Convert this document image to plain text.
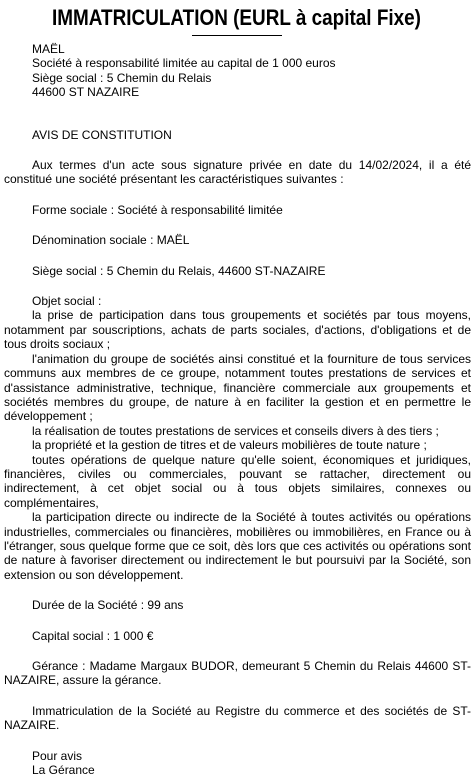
IMMATRICULATION (EURL à capital Fixe)

MAËL

Société à responsabilité limitée au capital de 1 000 euros

Siège social : 5 Chemin du Relais

44600 ST NAZAIRE

AVIS DE CONSTITUTION

Aux termes d'un acte sous signature privée en date du 14/02/2024, il a été constitué une société présentant les caractéristiques suivantes :

Forme sociale : Société à responsabilité limitée

Dénomination sociale : MAËL

Siège social : 5 Chemin du Relais, 44600 ST-NAZAIRE

Objet social :

la prise de participation dans tous groupements et sociétés par tous moyens, notamment par souscriptions, achats de parts sociales, d'actions, d'obligations et de tous droits sociaux ;

l'animation du groupe de sociétés ainsi constitué et la fourniture de tous services communs aux membres de ce groupe, notamment toutes prestations de services et d'assistance administrative, technique, financière commerciale aux groupements et sociétés membres du groupe, de nature à en faciliter la gestion et en permettre le développement ;

la réalisation de toutes prestations de services et conseils divers à des tiers ;

la propriété et la gestion de titres et de valeurs mobilières de toute nature ;

toutes opérations de quelque nature qu'elle soient, économiques et juridiques, financières, civiles ou commerciales, pouvant se rattacher, directement ou indirectement, à cet objet social ou à tous objets similaires, connexes ou complémentaires,

la participation directe ou indirecte de la Société à toutes activités ou opérations industrielles, commerciales ou financières, mobilières ou immobilières, en France ou à l'étranger, sous quelque forme que ce soit, dès lors que ces activités ou opérations sont de nature à favoriser directement ou indirectement le but poursuivi par la Société, son extension ou son développement.

Durée de la Société : 99 ans

Capital social : 1 000 €

Gérance : Madame Margaux BUDOR, demeurant 5 Chemin du Relais 44600 ST-NAZAIRE, assure la gérance.

Immatriculation de la Société au Registre du commerce et des sociétés de ST-NAZAIRE.

Pour avis

La Gérance
